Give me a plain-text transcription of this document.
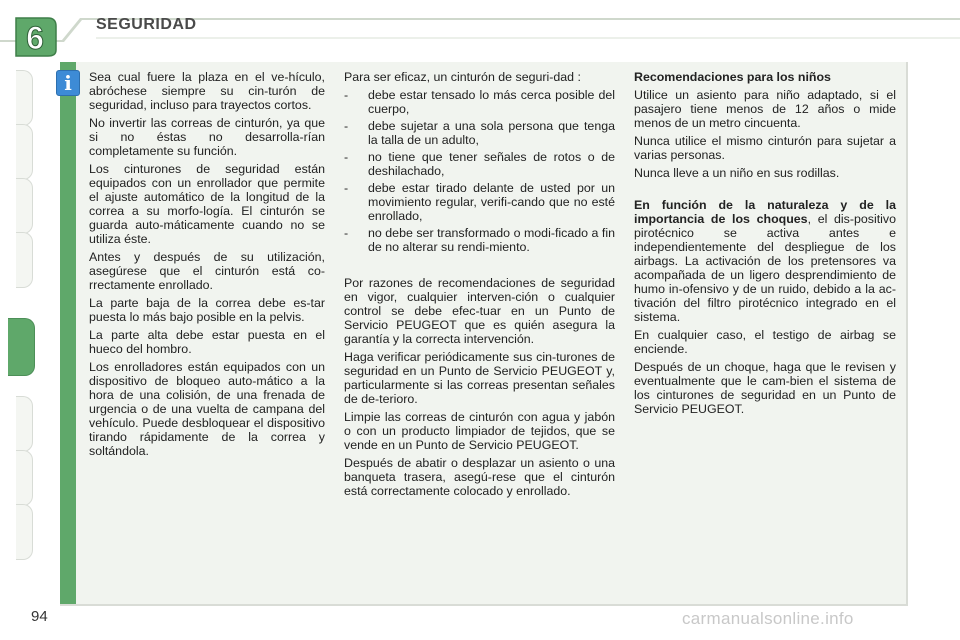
6	SEGURIDAD
i	Sea cual fuere la plaza en el ve-hículo, abróchese siempre su cin-turón de seguridad, incluso para trayectos cortos.

No invertir las correas de cinturón, ya que si no éstas no desarrolla-rían completamente su función.

Los cinturones de seguridad están equipados con un enrollador que permite el ajuste automático de la longitud de la correa a su morfo-logía. El cinturón se guarda auto-máticamente cuando no se utiliza éste.

Antes y después de su utilización, asegúrese que el cinturón está co-rrectamente enrollado.

La parte baja de la correa debe es-tar puesta lo más bajo posible en la pelvis.

La parte alta debe estar puesta en el hueco del hombro.

Los enrolladores están equipados con un dispositivo de bloqueo auto-mático a la hora de una colisión, de una frenada de urgencia o de una vuelta de campana del vehículo. Puede desbloquear el dispositivo tirando rápidamente de la correa y soltándola.

Para ser eficaz, un cinturón de seguri-dad :

- debe estar tensado lo más cerca posible del cuerpo,
- debe sujetar a una sola persona que tenga la talla de un adulto,
- no tiene que tener señales de rotos o de deshilachado,
- debe estar tirado delante de usted por un movimiento regular, verifi-cando que no esté enrollado,
- no debe ser transformado o modi-ficado a fin de no alterar su rendi-miento.

Por razones de recomendaciones de seguridad en vigor, cualquier interven-ción o cualquier control se debe efec-tuar en un Punto de Servicio PEUGEOT que es quién asegura la garantía y la correcta intervención.

Haga verificar periódicamente sus cin-turones de seguridad en un Punto de Servicio PEUGEOT y, particularmente si las correas presentan señales de de-terioro.

Limpie las correas de cinturón con agua y jabón o con un producto limpiador de tejidos, que se vende en un Punto de Servicio PEUGEOT.

Después de abatir o desplazar un asiento o una banqueta trasera, asegú-rese que el cinturón está correctamente colocado y enrollado.

Recomendaciones para los niños

Utilice un asiento para niño adaptado, si el pasajero tiene menos de 12 años o mide menos de un metro cincuenta.

Nunca utilice el mismo cinturón para sujetar a varias personas.

Nunca lleve a un niño en sus rodillas.

En función de la naturaleza y de la importancia de los choques, el dis-positivo pirotécnico se activa antes e independientemente del despliegue de los airbags. La activación de los pretensores va acompañada de un ligero desprendimiento de humo in-ofensivo y de un ruido, debido a la ac-tivación del filtro pirotécnico integrado en el sistema.

En cualquier caso, el testigo de airbag se enciende.

Después de un choque, haga que le revisen y eventualmente que le cam-bien el sistema de los cinturones de seguridad en un Punto de Servicio PEUGEOT.

94	carmanualsonline.info
